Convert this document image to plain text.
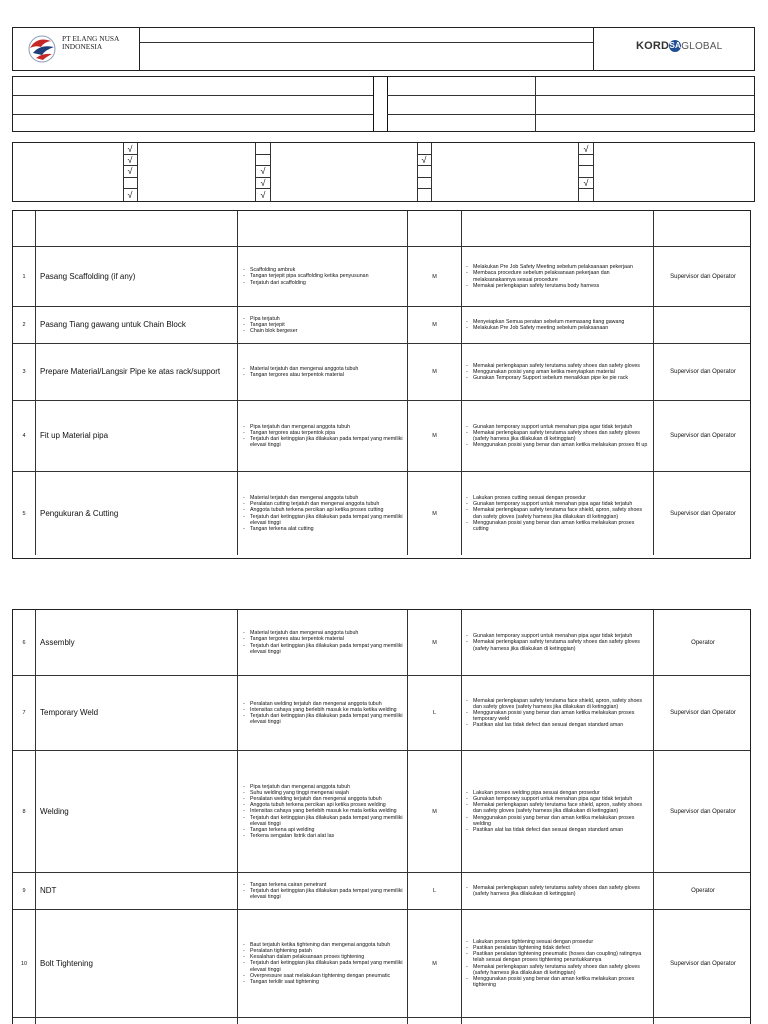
PT ELANG NUSA INDONESIA	KORDSAGLOBAL
√
√
√
√
√
√
√
√
√
√
1	Pasang Scaffolding (if any)
- Scaffolding ambruk
- Tangan terjepit pipa scaffolding ketika penyusunan
- Terjatuh dari scaffolding
M
- Melakukan Pre Job Safety Meeting sebelum pelaksanaan pekerjaan
- Membaca procedure sebelum pelaksanaan pekerjaan dan melaksanakannya sesuai procedure
- Memakai perlengkapan safety terutama body harness
Supervisor dan Operator
2	Pasang Tiang gawang untuk Chain Block
- Pipa terjatuh
- Tangan terjepit
- Chain blok bergeser
M
- Menyeiapkan Semua peratan sebelum memasang tiang gawang
- Melakukan Pre Job Safety meeting sebelum pelaksanaan
3	Prepare Material/Langsir Pipe ke atas rack/support
-	Material terjatuh dan mengenai anggota tubuh
- Tangan tergores atau terpentok material	M
- Memakai perlengkapan safety terutama safety shoes dan safety gloves
- Menggunakan posisi yang aman ketika menyiapkan material
- Gunakan Temporary Support sebelum menaikkan pipe ke pie rack
Supervisor dan Operator
4	Fit up Material pipa
- Pipa terjatuh dan mengenai anggota tubuh
- Tangan tergores atau terpentok pipa
- Terjatuh dari ketinggian jika dilakukan pada tempat yang memiliki elevasi tinggi
M
- Gunakan temporary support untuk menahan pipa agar tidak terjatuh
- Memakai perlengkapan safety terutama safety shoes dan safety gloves (safety harness jika dilakukan di ketinggian)
- Menggunakan posisi yang benar dan aman ketika melakukan proses fit up
Supervisor dan Operator
5	Pengukuran & Cutting
- Material terjatuh dan mengenai anggota tubuh
- Peralatan cutting terjatuh dan mengenai anggota tubuh
- Anggota tubuh terkena percikan api ketika proses cutting
- Terjatuh dari ketinggian jika dilakukan pada tempat yang memiliki elevasi tinggi
- Tangan terkena alat cutting
M
- Lakukan proses cutting sesuai dengan prosedur
- Gunakan temporary support untuk menahan pipa agar tidak terjatuh
- Memakai perlengkapan safety terutama face shield, apron, safety shoes dan safety gloves (safety harness jika dilakukan di ketinggian)
- Menggunakan posisi yang benar dan aman ketika melakukan proses cutting
Supervisor dan Operator
6	Assembly
- Material terjatuh dan mengenai anggota tubuh
- Tangan tergores atau terpentok material
- Terjatuh dari ketinggian jika dilakukan pada tempat yang memiliki elevasi tinggi
M
- Gunakan temporary support untuk menahan pipa agar tidak terjatuh
- Memakai perlengkapan safety terutama safety shoes dan safety gloves (safety harness jika dilakukan di ketinggian)
Operator
7	Temporary Weld
- Peralatan welding terjatuh dan mengenai anggota tubuh
- Intensitas cahaya yang berlebih masuk ke mata ketika welding
- Terjatuh dari ketinggian jika dilakukan pada tempat yang memiliki elevasi tinggi
L
- Memakai perlengkapan safety terutama face shield, apron, safety shoes dan safety gloves (safety harness jika dilakukan di ketinggian)
- Menggunakan posisi yang benar dan aman ketika melakukan proses temporary weld
- Pastikan alat las tidak defect dan sesuai dengan standard aman
Supervisor dan Operator
8	Welding
- Pipa terjatuh dan mengenai anggota tubuh
- Suhu welding yang tinggi mengenai wajah
- Peralatan welding terjatuh dan mengenai anggota tubuh
- Anggota tubuh terkena percikan api ketika proses welding
- Intensitas cahaya yang berlebih masuk ke mata ketika welding
- Terjatuh dari ketinggian jika dilakukan pada tempat yang memiliki elevasi tinggi
- Tangan terkena api welding
- Terkena sengatan listrik dari alat las
M
- Lakukan proses welding pipa sesuai dengan prosedur
- Gunakan temporary support untuk menahan pipa agar tidak terjatuh
- Memakai perlengkapan safety terutama face shield, apron, safety shoes dan safety gloves (safety harness jika dilakukan di ketinggian)
- Menggunakan posisi yang benar dan aman ketika melakukan proses welding
- Pastikan alat las tidak defect dan sesuai dengan standard aman
Supervisor dan Operator
9	NDT
- Tangan terkena cairan penetrant
- Terjatuh dari ketinggian jika dilakukan pada tempat yang memiliki elevasi tinggi
L
- Memakai perlengkapan safety terutama safety shoes dan safety gloves (safety harness jika dilakukan di ketinggian)	Operator
10	Bolt Tightening
- Baut terjatuh ketika tightening dan mengenai anggota tubuh
- Peralatan tightening patah
- Kesalahan dalam pelaksanaan proses tightening
- Terjatuh dari ketinggian jika dilakukan pada tempat yang memiliki elevasi tinggi
- Overpressure saat melakukan tightening dengan pneumatic
- Tangan terkilir saat tightening
M
- Lakukan proses tightening sesuai dengan prosedur
- Pastikan peralatan tightening tidak defect
- Pastikan peralatan tightening pneumatic (hoses dan coupling) ratingnya telah sesuai dengan proses tightening peruntukkannya
- Memakai perlengkapan safety terutama safety shoes dan safety gloves (safety harness jika dilakukan di ketinggian)
- Menggunakan posisi yang benar dan aman ketika melakukan proses tightening
Supervisor dan Operator
